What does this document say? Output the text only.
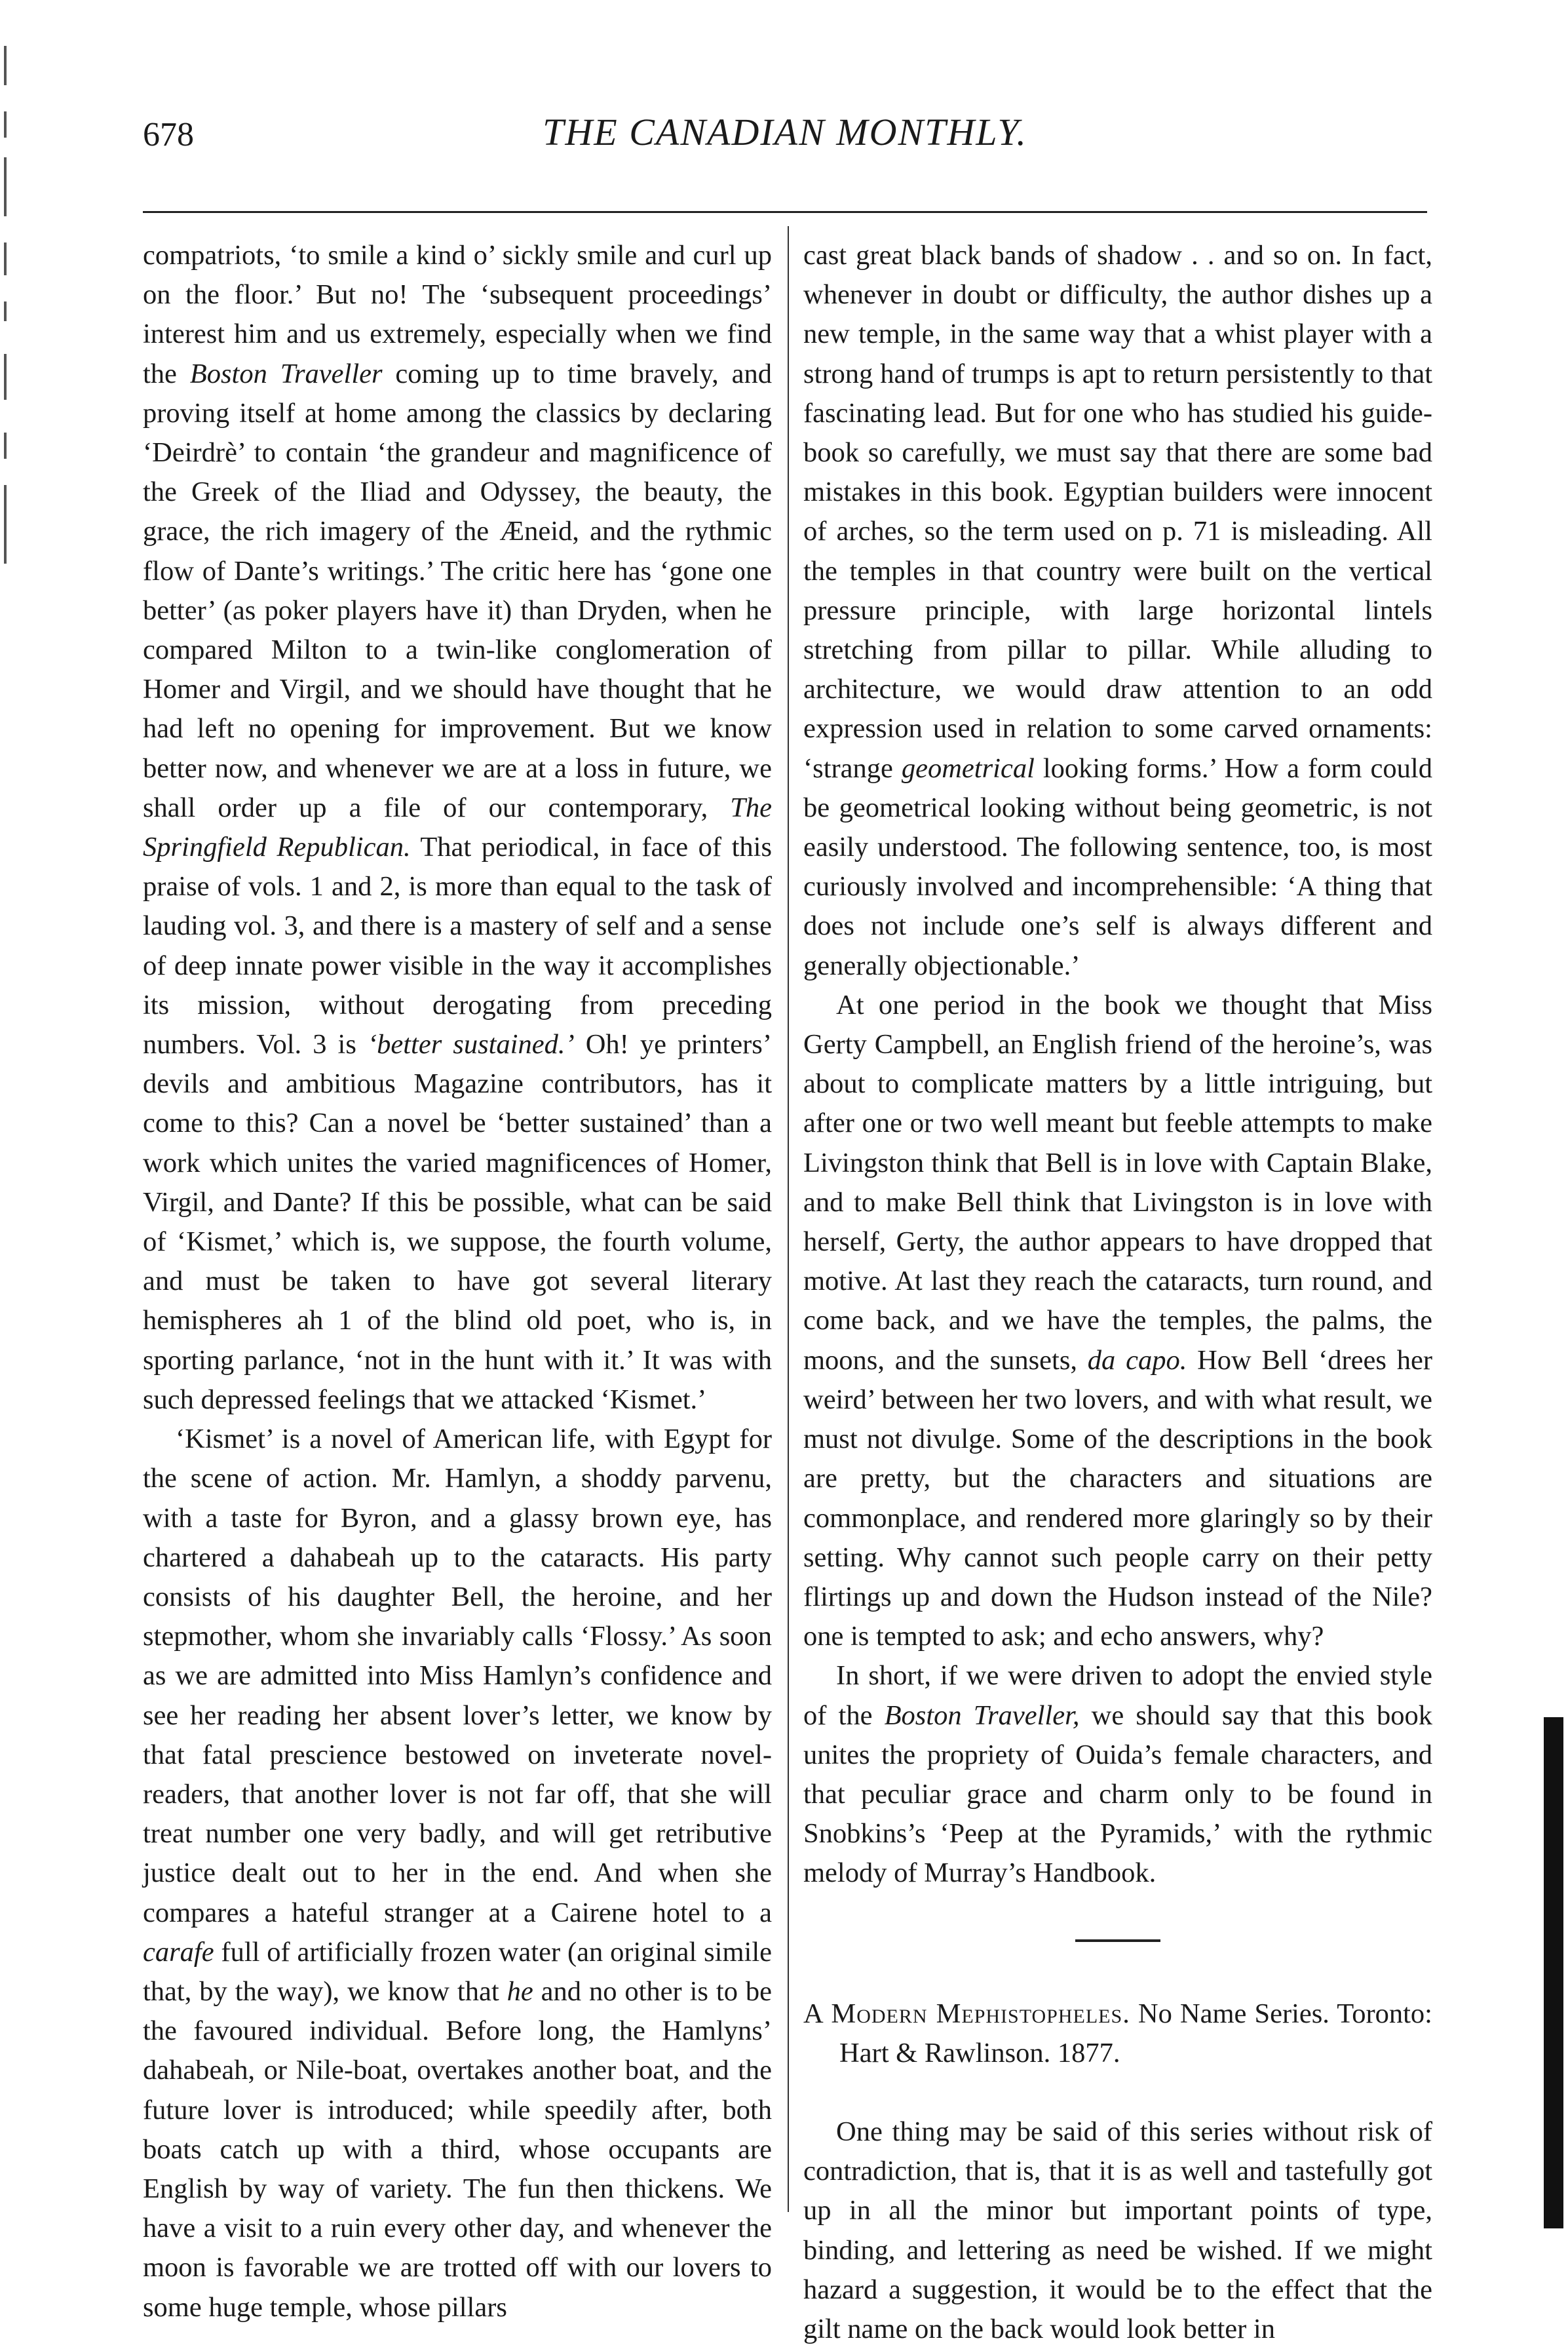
678	THE CANADIAN MONTHLY.

compatriots, ‘to smile a kind o’ sickly smile and curl up on the floor.’ But no! The ‘subsequent proceedings’ interest him and us extremely, especially when we find the Boston Traveller coming up to time bravely, and proving itself at home among the classics by declaring ‘Deirdrè’ to contain ‘the grandeur and magnificence of the Greek of the Iliad and Odyssey, the beauty, the grace, the rich imagery of the Æneid, and the rythmic flow of Dante’s writings.’ The critic here has ‘gone one better’ (as poker players have it) than Dryden, when he compared Milton to a twin-like conglomeration of Homer and Virgil, and we should have thought that he had left no opening for improvement. But we know better now, and whenever we are at a loss in future, we shall order up a file of our contemporary, The Springfield Republican. That periodical, in face of this praise of vols. 1 and 2, is more than equal to the task of lauding vol. 3, and there is a mastery of self and a sense of deep innate power visible in the way it accomplishes its mission, without derogating from preceding numbers. Vol. 3 is ‘better sustained.’ Oh! ye printers’ devils and ambitious Magazine contributors, has it come to this? Can a novel be ‘better sustained’ than a work which unites the varied magnificences of Homer, Virgil, and Dante? If this be possible, what can be said of ‘Kismet,’ which is, we suppose, the fourth volume, and must be taken to have got several literary hemispheres ah 1 of the blind old poet, who is, in sporting parlance, ‘not in the hunt with it.’ It was with such depressed feelings that we attacked ‘Kismet.’

‘Kismet’ is a novel of American life, with Egypt for the scene of action. Mr. Hamlyn, a shoddy parvenu, with a taste for Byron, and a glassy brown eye, has chartered a dahabeah up to the cataracts. His party consists of his daughter Bell, the heroine, and her stepmother, whom she invariably calls ‘Flossy.’ As soon as we are admitted into Miss Hamlyn’s confidence and see her reading her absent lover’s letter, we know by that fatal prescience bestowed on inveterate novel-readers, that another lover is not far off, that she will treat number one very badly, and will get retributive justice dealt out to her in the end. And when she compares a hateful stranger at a Cairene hotel to a carafe full of artificially frozen water (an original simile that, by the way), we know that he and no other is to be the favoured individual. Before long, the Hamlyns’ dahabeah, or Nile-boat, overtakes another boat, and the future lover is introduced; while speedily after, both boats catch up with a third, whose occupants are English by way of variety. The fun then thickens. We have a visit to a ruin every other day, and whenever the moon is favorable we are trotted off with our lovers to some huge temple, whose pillars

cast great black bands of shadow . . and so on. In fact, whenever in doubt or difficulty, the author dishes up a new temple, in the same way that a whist player with a strong hand of trumps is apt to return persistently to that fascinating lead. But for one who has studied his guide-book so carefully, we must say that there are some bad mistakes in this book. Egyptian builders were innocent of arches, so the term used on p. 71 is misleading. All the temples in that country were built on the vertical pressure principle, with large horizontal lintels stretching from pillar to pillar. While alluding to architecture, we would draw attention to an odd expression used in relation to some carved ornaments: ‘strange geometrical looking forms.’ How a form could be geometrical looking without being geometric, is not easily understood. The following sentence, too, is most curiously involved and incomprehensible: ‘A thing that does not include one’s self is always different and generally objectionable.’

At one period in the book we thought that Miss Gerty Campbell, an English friend of the heroine’s, was about to complicate matters by a little intriguing, but after one or two well meant but feeble attempts to make Livingston think that Bell is in love with Captain Blake, and to make Bell think that Livingston is in love with herself, Gerty, the author appears to have dropped that motive. At last they reach the cataracts, turn round, and come back, and we have the temples, the palms, the moons, and the sunsets, da capo. How Bell ‘drees her weird’ between her two lovers, and with what result, we must not divulge. Some of the descriptions in the book are pretty, but the characters and situations are commonplace, and rendered more glaringly so by their setting. Why cannot such people carry on their petty flirtings up and down the Hudson instead of the Nile? one is tempted to ask; and echo answers, why?

In short, if we were driven to adopt the envied style of the Boston Traveller, we should say that this book unites the propriety of Ouida’s female characters, and that peculiar grace and charm only to be found in Snobkins’s ‘Peep at the Pyramids,’ with the rythmic melody of Murray’s Handbook.

A Modern Mephistopheles. No Name Series. Toronto: Hart & Rawlinson. 1877.

One thing may be said of this series without risk of contradiction, that is, that it is as well and tastefully got up in all the minor but important points of type, binding, and lettering as need be wished. If we might hazard a suggestion, it would be to the effect that the gilt name on the back would look better in
